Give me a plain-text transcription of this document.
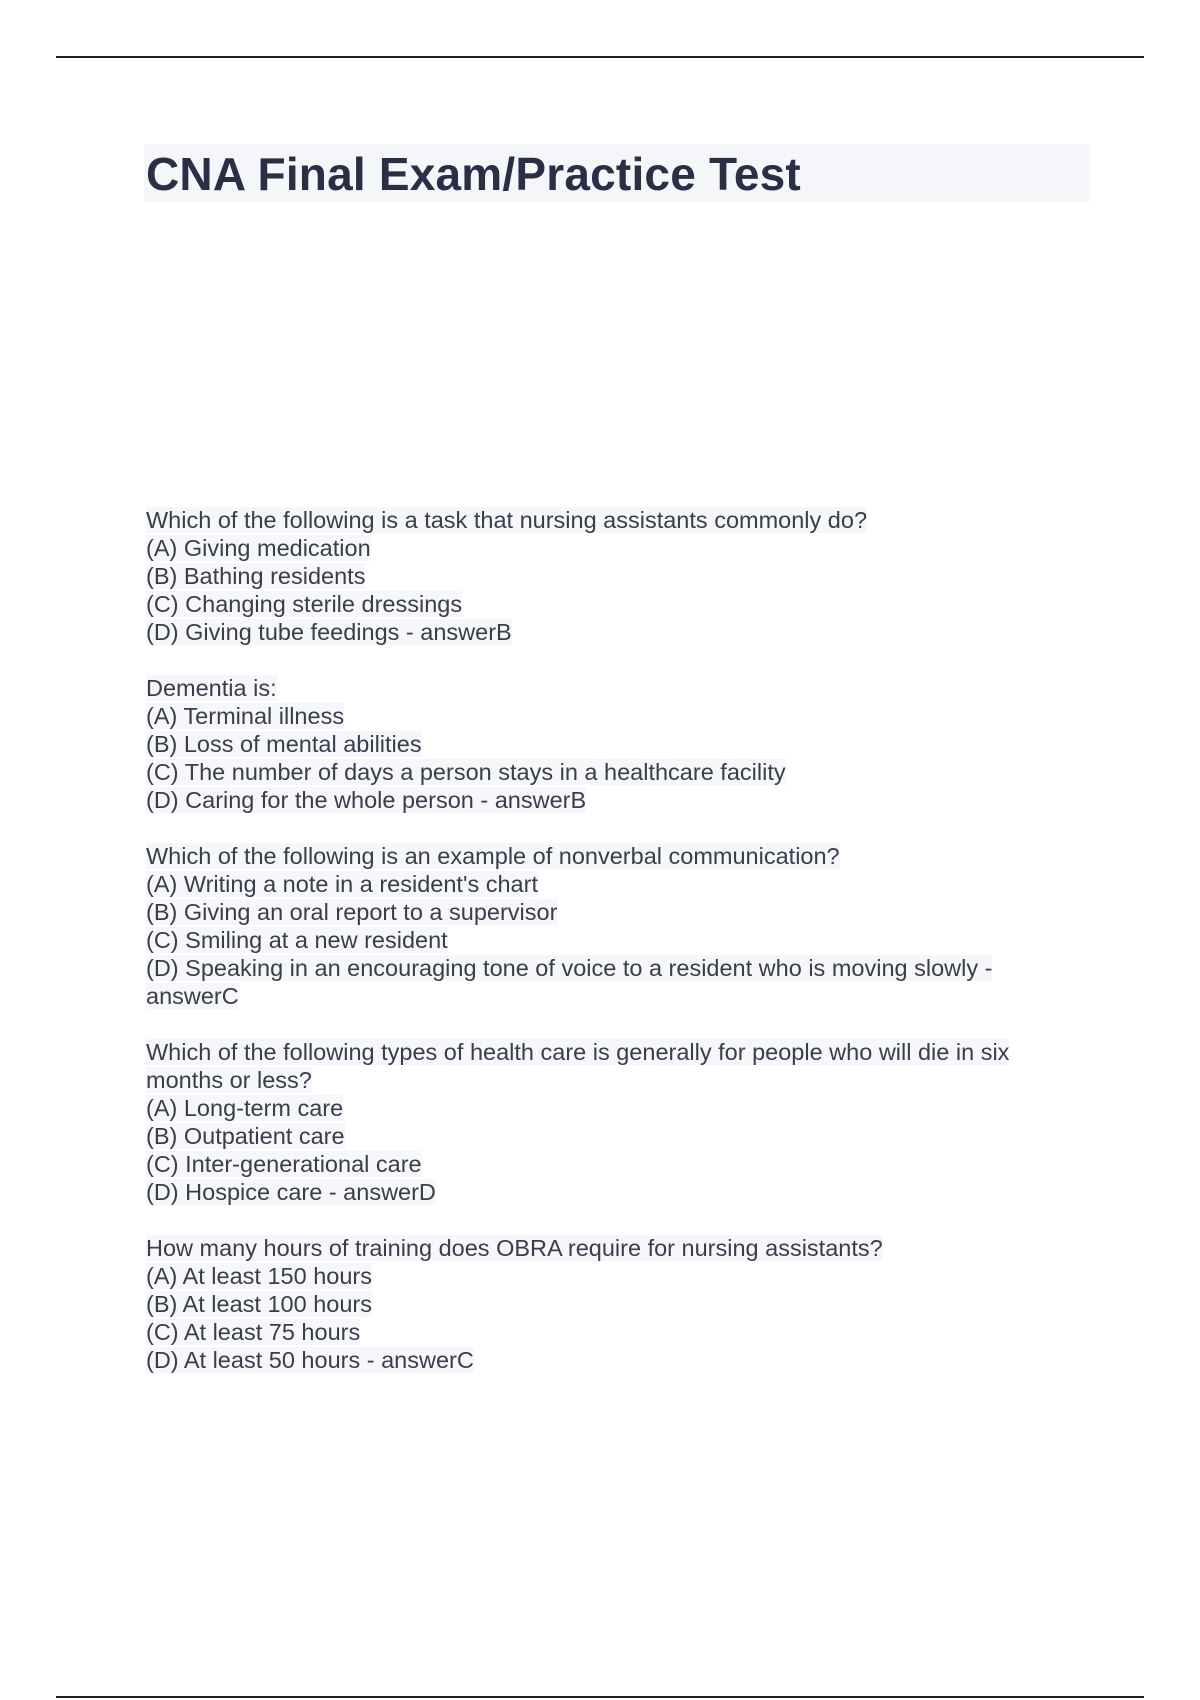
CNA Final Exam/Practice Test
Which of the following is a task that nursing assistants commonly do?
(A) Giving medication
(B) Bathing residents
(C) Changing sterile dressings
(D) Giving tube feedings - answerB
Dementia is:
(A) Terminal illness
(B) Loss of mental abilities
(C) The number of days a person stays in a healthcare facility
(D) Caring for the whole person - answerB
Which of the following is an example of nonverbal communication?
(A) Writing a note in a resident's chart
(B) Giving an oral report to a supervisor
(C) Smiling at a new resident
(D) Speaking in an encouraging tone of voice to a resident who is moving slowly -
answerC
Which of the following types of health care is generally for people who will die in six
months or less?
(A) Long-term care
(B) Outpatient care
(C) Inter-generational care
(D) Hospice care - answerD
How many hours of training does OBRA require for nursing assistants?
(A) At least 150 hours
(B) At least 100 hours
(C) At least 75 hours
(D) At least 50 hours - answerC
